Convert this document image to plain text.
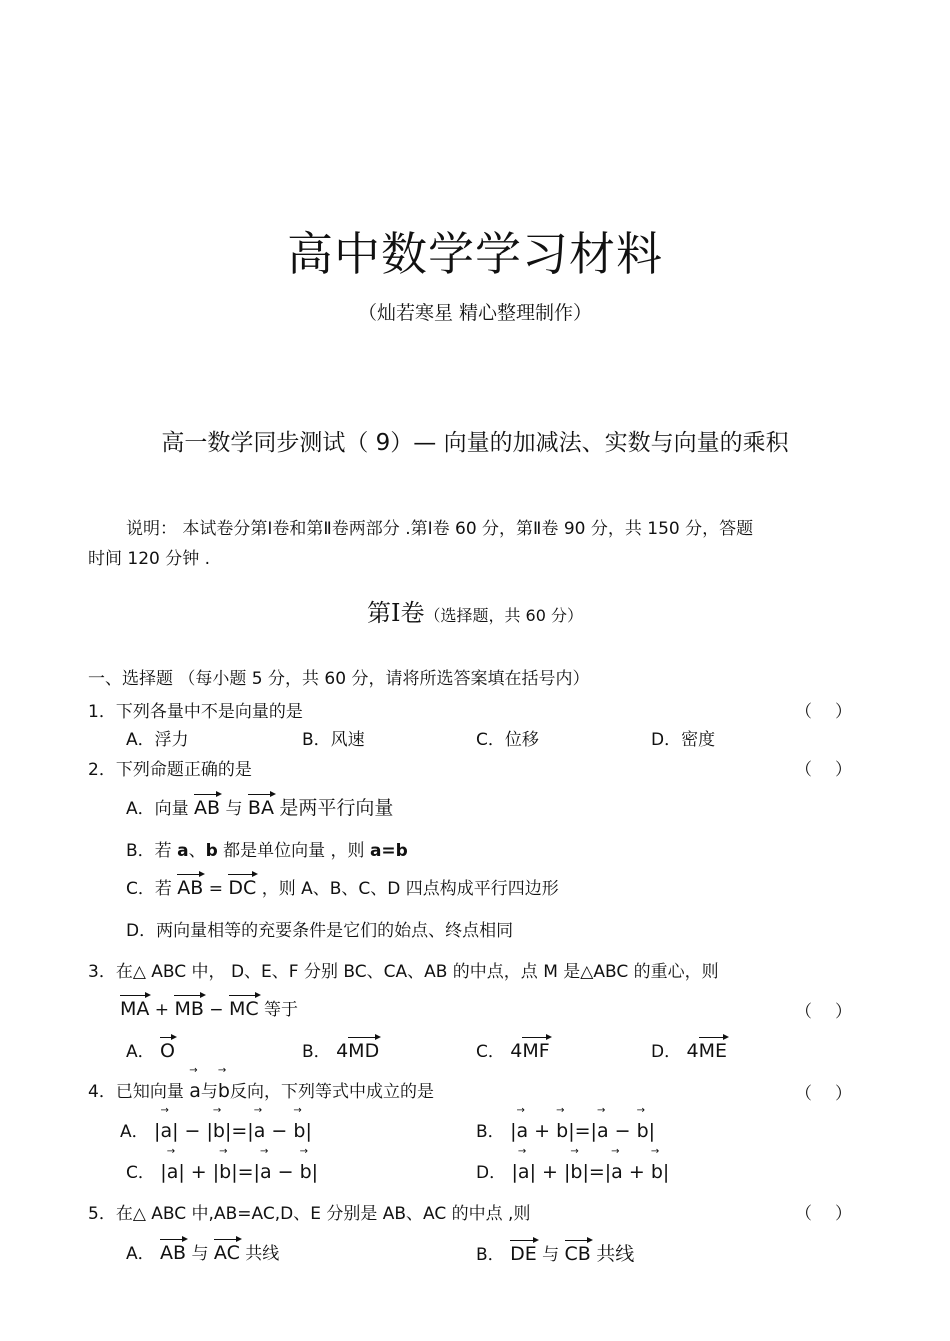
高中数学学习材料
（灿若寒星 精心整理制作）
高一数学同步测试（ 9）— 向量的加减法、实数与向量的乘积
说明： 本试卷分第Ⅰ卷和第Ⅱ卷两部分 .第Ⅰ卷 60 分，第Ⅱ卷 90 分，共 150 分，答题
时间 120 分钟 .
第Ⅰ卷（选择题，共 60 分）
一、选择题 （每小题 5 分，共 60 分，请将所选答案填在括号内）
1．下列各量中不是向量的是	（ ）
A．浮力	B．风速	C．位移	D．密度
2．下列命题正确的是	（ ）
A．向量 AB 与 BA 是两平行向量
B．若 a、b 都是单位向量 ，则 a=b
C．若 AB = DC ，则 A、B、C、D 四点构成平行四边形
D．两向量相等的充要条件是它们的始点、终点相同
3．在△ ABC 中， D、E、F 分别 BC、CA、AB 的中点，点 M 是△ABC 的重心，则
MA + MB − MC 等于	（ ）
A． O	B． 4MD	C． 4MF	D． 4ME
4．已知向量 a →与b →反向，下列等式中成立的是	（ ）
A． |a →| − |b →|=|a → − b →|	B． |a → + b →|=|a → − b →|
C． |a →| + |b →|=|a → − b →|	D． |a →| + |b →|=|a → + b →|
5．在△ ABC 中,AB=AC,D、E 分别是 AB、AC 的中点 ,则	（ ）
A． AB 与 AC 共线	B． DE 与 CB 共线
